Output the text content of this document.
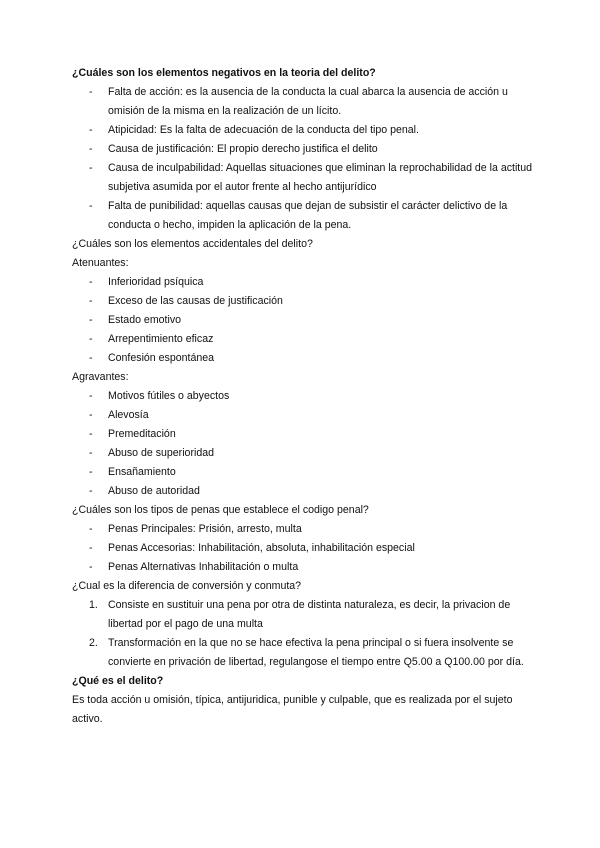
¿Cuáles son los elementos negativos en la teoria del delito?

- Falta de acción: es la ausencia de la conducta la cual abarca la ausencia de acción u omisión de la misma en la realización de un lícito.
- Atipicidad: Es la falta de adecuación de la conducta del tipo penal.
- Causa de justificación: El propio derecho justifica el delito
- Causa de inculpabilidad: Aquellas situaciones que eliminan la reprochabilidad de la actitud subjetiva asumida por el autor frente al hecho antijurídico
- Falta de punibilidad: aquellas causas que dejan de subsistir el carácter delictivo de la conducta o hecho, impiden la aplicación de la pena.

¿Cuáles son los elementos accidentales del delito?

Atenuantes:

- Inferioridad psíquica
- Exceso de las causas de justificación
- Estado emotivo
- Arrepentimiento eficaz
- Confesión espontánea

Agravantes:

- Motivos fútiles o abyectos
- Alevosía
- Premeditación
- Abuso de superioridad
- Ensañamiento
- Abuso de autoridad

¿Cuáles son los tipos de penas que establece el codigo penal?

- Penas Principales: Prisión, arresto, multa
- Penas Accesorias: Inhabilitación, absoluta, inhabilitación especial
- Penas Alternativas Inhabilitación o multa

¿Cual es la diferencia de conversión y conmuta?

1. Consiste en sustituir una pena por otra de distinta naturaleza, es decir, la privacion de libertad por el pago de una multa
2. Transformación en la que no se hace efectiva la pena principal o si fuera insolvente se convierte en privación de libertad, regulangose el tiempo entre Q5.00 a Q100.00 por día.

¿Qué es el delito?

Es toda acción u omisión, típica, antijuridica, punible y culpable, que es realizada por el sujeto activo.
